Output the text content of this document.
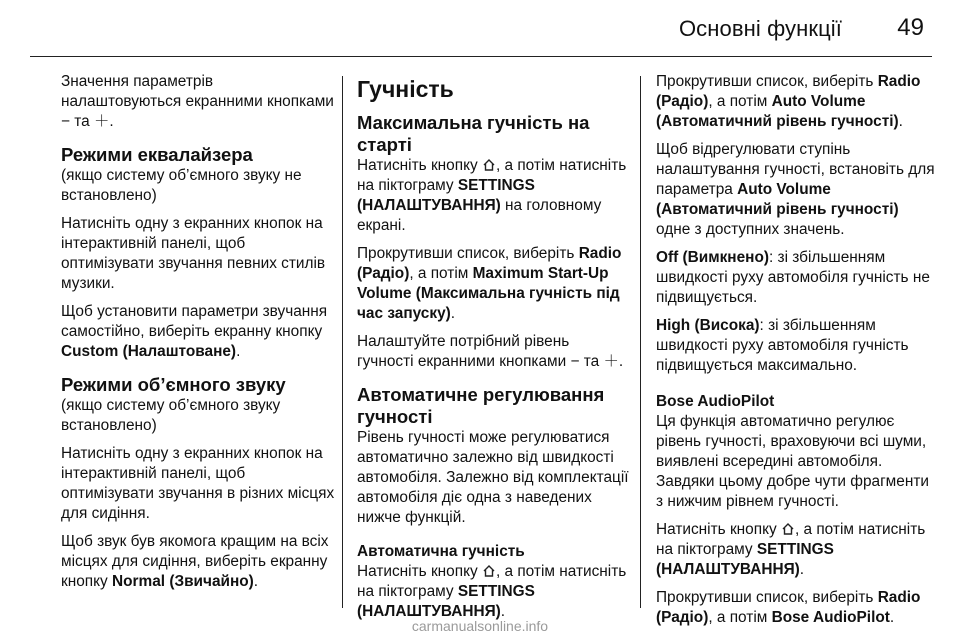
Основні функції 49

Значення параметрів налаштовуються екранними кнопками − та ＋.

Режими еквалайзера

(якщо систему об’ємного звуку не встановлено)

Натисніть одну з екранних кнопок на інтерактивній панелі, щоб оптимізувати звучання певних стилів музики.

Щоб установити параметри звучання самостійно, виберіть екранну кнопку Custom (Налаштоване).

Режими об’ємного звуку

(якщо систему об’ємного звуку встановлено)

Натисніть одну з екранних кнопок на інтерактивній панелі, щоб оптимізувати звучання в різних місцях для сидіння.

Щоб звук був якомога кращим на всіх місцях для сидіння, виберіть екранну кнопку Normal (Звичайно).

Гучність
Максимальна гучність на старті

Натисніть кнопку , а потім натисніть на піктограму SETTINGS (НАЛАШТУВАННЯ) на головному екрані.

Прокрутивши список, виберіть Radio (Радіо), а потім Maximum Start-Up Volume (Максимальна гучність під час запуску).

Налаштуйте потрібний рівень гучності екранними кнопками − та ＋.

Автоматичне регулювання гучності

Рівень гучності може регулюватися автоматично залежно від швидкості автомобіля. Залежно від комплектації автомобіля діє одна з наведених нижче функцій.

Автоматична гучність

Натисніть кнопку , а потім натисніть на піктограму SETTINGS (НАЛАШТУВАННЯ).

Прокрутивши список, виберіть Radio (Радіо), а потім Auto Volume (Автоматичний рівень гучності).

Щоб відрегулювати ступінь налаштування гучності, встановіть для параметра Auto Volume (Автоматичний рівень гучності) одне з доступних значень.

Off (Вимкнено): зі збільшенням швидкості руху автомобіля гучність не підвищується.

High (Висока): зі збільшенням швидкості руху автомобіля гучність підвищується максимально.

Bose AudioPilot

Ця функція автоматично регулює рівень гучності, враховуючи всі шуми, виявлені всередині автомобіля. Завдяки цьому добре чути фрагменти з нижчим рівнем гучності.

Натисніть кнопку , а потім натисніть на піктограму SETTINGS (НАЛАШТУВАННЯ).

Прокрутивши список, виберіть Radio (Радіо), а потім Bose AudioPilot.

carmanualsonline.info
